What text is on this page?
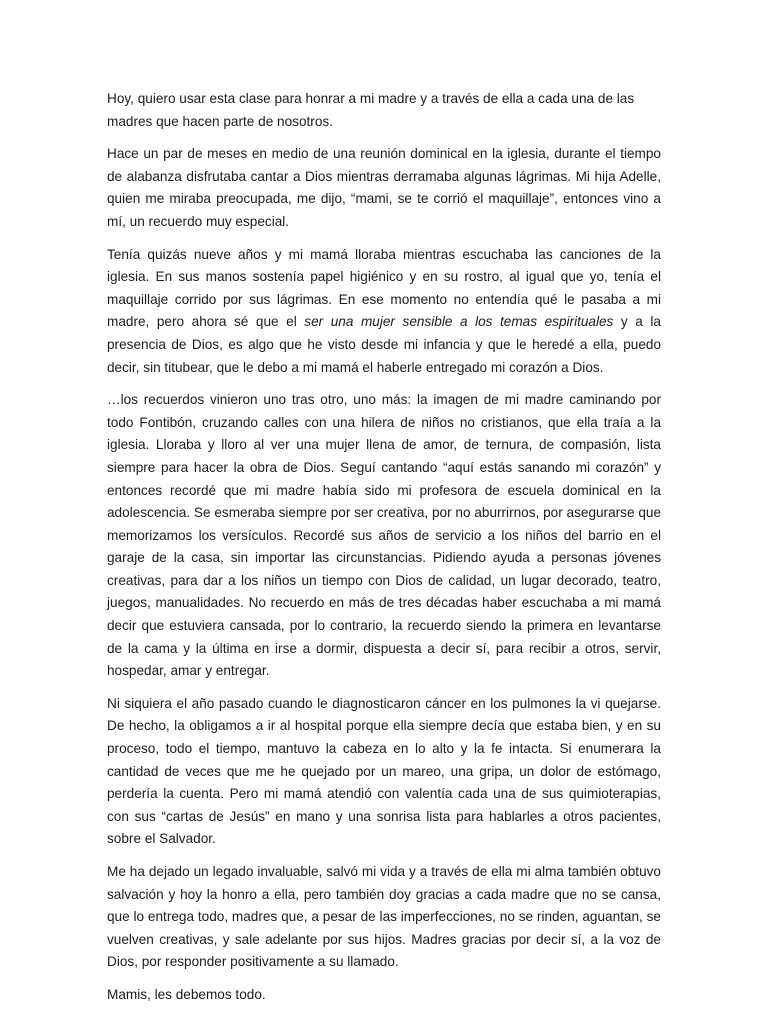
Hoy, quiero usar esta clase para honrar a mi madre y a través de ella a cada una de las madres que hacen parte de nosotros.

Hace un par de meses en medio de una reunión dominical en la iglesia, durante el tiempo de alabanza disfrutaba cantar a Dios mientras derramaba algunas lágrimas. Mi hija Adelle, quien me miraba preocupada, me dijo, “mami, se te corrió el maquillaje”, entonces vino a mí, un recuerdo muy especial.

Tenía quizás nueve años y mi mamá lloraba mientras escuchaba las canciones de la iglesia. En sus manos sostenía papel higiénico y en su rostro, al igual que yo, tenía el maquillaje corrido por sus lágrimas. En ese momento no entendía qué le pasaba a mi madre, pero ahora sé que el ser una mujer sensible a los temas espirituales y a la presencia de Dios, es algo que he visto desde mi infancia y que le heredé a ella, puedo decir, sin titubear, que le debo a mi mamá el haberle entregado mi corazón a Dios.

…los recuerdos vinieron uno tras otro, uno más: la imagen de mi madre caminando por todo Fontibón, cruzando calles con una hilera de niños no cristianos, que ella traía a la iglesia. Lloraba y lloro al ver una mujer llena de amor, de ternura, de compasión, lista siempre para hacer la obra de Dios. Seguí cantando “aquí estás sanando mi corazón” y entonces recordé que mi madre había sido mi profesora de escuela dominical en la adolescencia. Se esmeraba siempre por ser creativa, por no aburrirnos, por asegurarse que memorizamos los versículos. Recordé sus años de servicio a los niños del barrio en el garaje de la casa, sin importar las circunstancias. Pidiendo ayuda a personas jóvenes creativas, para dar a los niños un tiempo con Dios de calidad, un lugar decorado, teatro, juegos, manualidades. No recuerdo en más de tres décadas haber escuchaba a mi mamá decir que estuviera cansada, por lo contrario, la recuerdo siendo la primera en levantarse de la cama y la última en irse a dormir, dispuesta a decir sí, para recibir a otros, servir, hospedar, amar y entregar.

Ni siquiera el año pasado cuando le diagnosticaron cáncer en los pulmones la vi quejarse. De hecho, la obligamos a ir al hospital porque ella siempre decía que estaba bien, y en su proceso, todo el tiempo, mantuvo la cabeza en lo alto y la fe intacta. Si enumerara la cantidad de veces que me he quejado por un mareo, una gripa, un dolor de estómago, perdería la cuenta. Pero mi mamá atendió con valentía cada una de sus quimioterapias, con sus “cartas de Jesús” en mano y una sonrisa lista para hablarles a otros pacientes, sobre el Salvador.

Me ha dejado un legado invaluable, salvó mi vida y a través de ella mi alma también obtuvo salvación y hoy la honro a ella, pero también doy gracias a cada madre que no se cansa, que lo entrega todo, madres que, a pesar de las imperfecciones, no se rinden, aguantan, se vuelven creativas, y sale adelante por sus hijos. Madres gracias por decir sí, a la voz de Dios, por responder positivamente a su llamado.

Mamis, les debemos todo.
